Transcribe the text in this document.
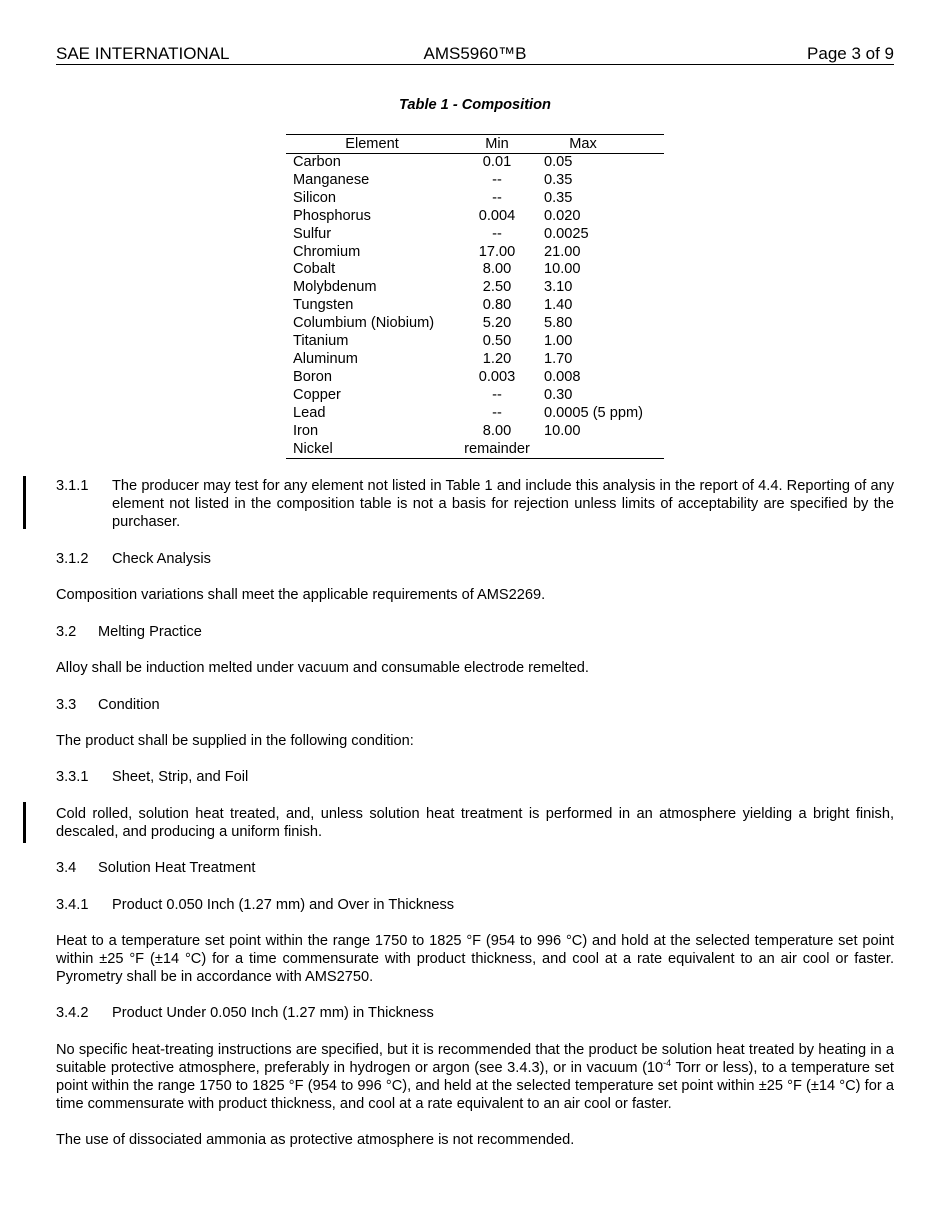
SAE INTERNATIONAL	AMS5960™B	Page 3 of 9
Table 1 - Composition
Element	Min	Max
Carbon	0.01	0.05
Manganese	--	0.35
Silicon	--	0.35
Phosphorus	0.004	0.020
Sulfur	--	0.0025
Chromium	17.00	21.00
Cobalt	8.00	10.00
Molybdenum	2.50	3.10
Tungsten	0.80	1.40
Columbium (Niobium)	5.20	5.80
Titanium	0.50	1.00
Aluminum	1.20	1.70
Boron	0.003	0.008
Copper	--	0.30
Lead	--	0.0005 (5 ppm)
Iron	8.00	10.00
Nickel	remainder	
3.1.1	The producer may test for any element not listed in Table 1 and include this analysis in the report of 4.4. Reporting of any element not listed in the composition table is not a basis for rejection unless limits of acceptability are specified by the purchaser.
3.1.2	Check Analysis
Composition variations shall meet the applicable requirements of AMS2269.
3.2	Melting Practice
Alloy shall be induction melted under vacuum and consumable electrode remelted.
3.3	Condition
The product shall be supplied in the following condition:
3.3.1	Sheet, Strip, and Foil
Cold rolled, solution heat treated, and, unless solution heat treatment is performed in an atmosphere yielding a bright finish, descaled, and producing a uniform finish.
3.4	Solution Heat Treatment
3.4.1	Product 0.050 Inch (1.27 mm) and Over in Thickness
Heat to a temperature set point within the range 1750 to 1825 °F (954 to 996 °C) and hold at the selected temperature set point within ±25 °F (±14 °C) for a time commensurate with product thickness, and cool at a rate equivalent to an air cool or faster. Pyrometry shall be in accordance with AMS2750.
3.4.2	Product Under 0.050 Inch (1.27 mm) in Thickness
No specific heat-treating instructions are specified, but it is recommended that the product be solution heat treated by heating in a suitable protective atmosphere, preferably in hydrogen or argon (see 3.4.3), or in vacuum ($10^{-4}$ Torr or less), to a temperature set point within the range 1750 to 1825 °F (954 to 996 °C), and held at the selected temperature set point within ±25 °F (±14 °C) for a time commensurate with product thickness, and cool at a rate equivalent to an air cool or faster.
The use of dissociated ammonia as protective atmosphere is not recommended.
